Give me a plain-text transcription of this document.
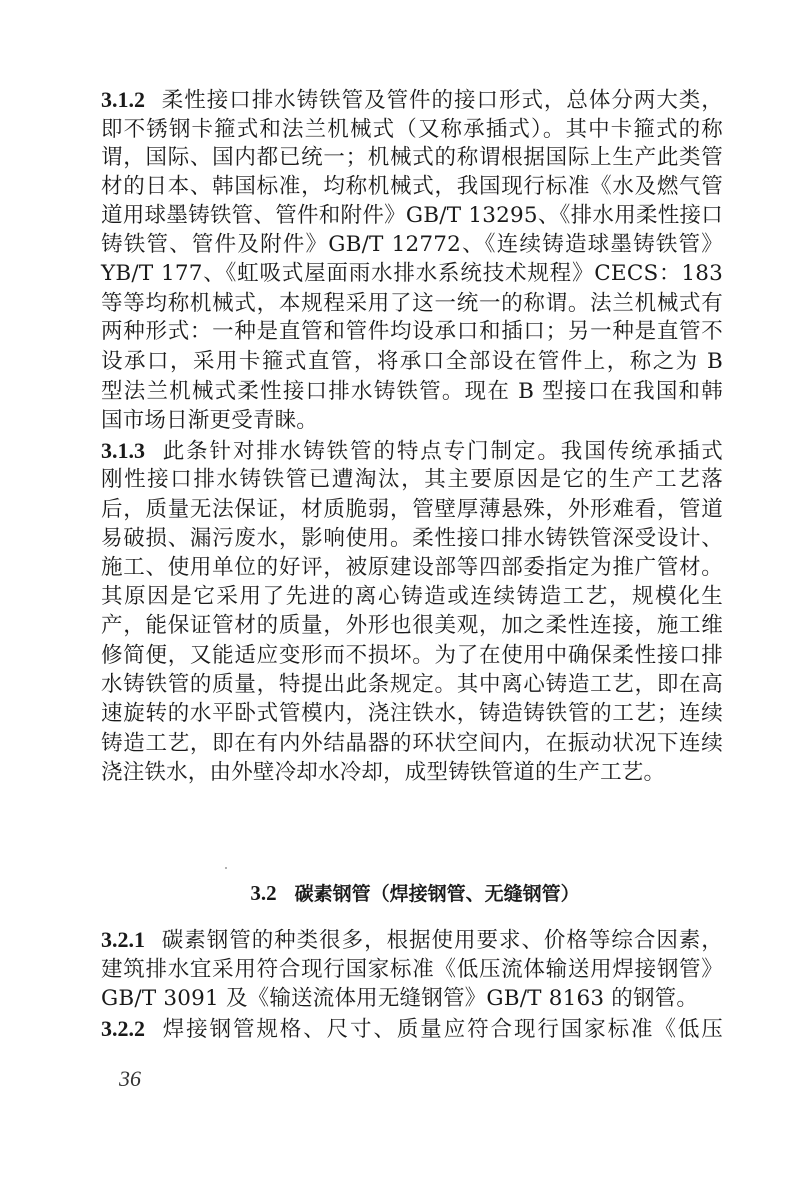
3.1.2 柔性接口排水铸铁管及管件的接口形式，总体分两大类，
即不锈钢卡箍式和法兰机械式（又称承插式）。其中卡箍式的称
谓，国际、国内都已统一；机械式的称谓根据国际上生产此类管
材的日本、韩国标准，均称机械式，我国现行标准《水及燃气管
道用球墨铸铁管、管件和附件》GB/T 13295、《排水用柔性接口
铸铁管、管件及附件》GB/T 12772、《连续铸造球墨铸铁管》
YB/T 177、《虹吸式屋面雨水排水系统技术规程》CECS：183
等等均称机械式，本规程采用了这一统一的称谓。法兰机械式有
两种形式：一种是直管和管件均设承口和插口；另一种是直管不
设承口，采用卡箍式直管，将承口全部设在管件上，称之为 B
型法兰机械式柔性接口排水铸铁管。现在 B 型接口在我国和韩
国市场日渐更受青睐。
3.1.3 此条针对排水铸铁管的特点专门制定。我国传统承插式
刚性接口排水铸铁管已遭淘汰，其主要原因是它的生产工艺落
后，质量无法保证，材质脆弱，管壁厚薄悬殊，外形难看，管道
易破损、漏污废水，影响使用。柔性接口排水铸铁管深受设计、
施工、使用单位的好评，被原建设部等四部委指定为推广管材。
其原因是它采用了先进的离心铸造或连续铸造工艺，规模化生
产，能保证管材的质量，外形也很美观，加之柔性连接，施工维
修简便，又能适应变形而不损坏。为了在使用中确保柔性接口排
水铸铁管的质量，特提出此条规定。其中离心铸造工艺，即在高
速旋转的水平卧式管模内，浇注铁水，铸造铸铁管的工艺；连续
铸造工艺，即在有内外结晶器的环状空间内，在振动状况下连续
浇注铁水，由外壁冷却水冷却，成型铸铁管道的生产工艺。
3.2 碳素钢管（焊接钢管、无缝钢管）
3.2.1 碳素钢管的种类很多，根据使用要求、价格等综合因素，
建筑排水宜采用符合现行国家标准《低压流体输送用焊接钢管》
GB/T 3091 及《输送流体用无缝钢管》GB/T 8163 的钢管。
3.2.2 焊接钢管规格、尺寸、质量应符合现行国家标准《低压
36
